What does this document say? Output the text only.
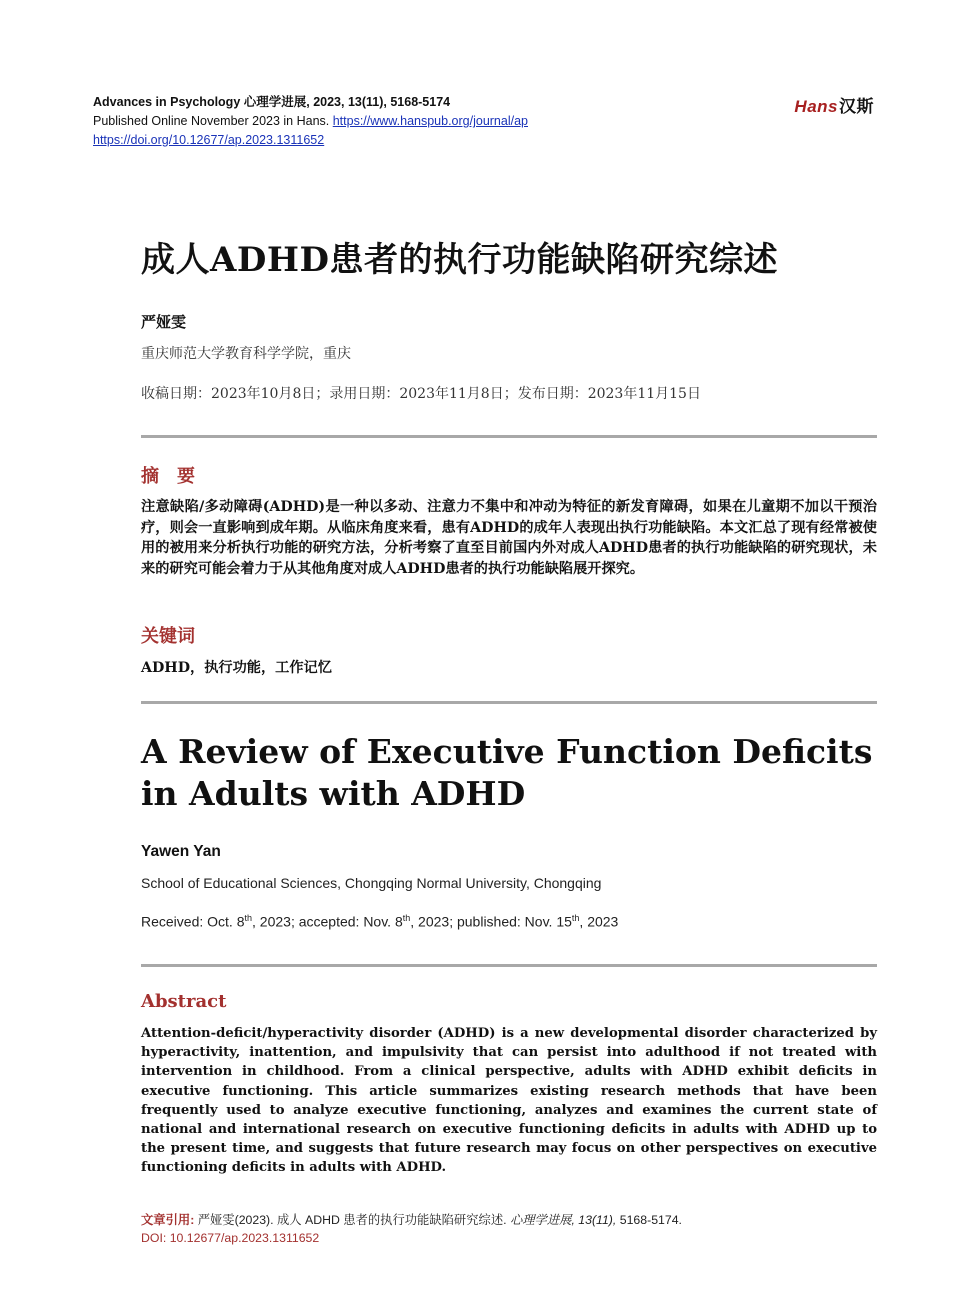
Advances in Psychology 心理学进展, 2023, 13(11), 5168-5174
Published Online November 2023 in Hans. https://www.hanspub.org/journal/ap
https://doi.org/10.12677/ap.2023.1311652
Hans汉斯
成人ADHD患者的执行功能缺陷研究综述
严娅雯
重庆师范大学教育科学学院，重庆
收稿日期：2023年10月8日；录用日期：2023年11月8日；发布日期：2023年11月15日
摘　要
注意缺陷/多动障碍(ADHD)是一种以多动、注意力不集中和冲动为特征的新发育障碍，如果在儿童期不加以干预治疗，则会一直影响到成年期。从临床角度来看，患有ADHD的成年人表现出执行功能缺陷。本文汇总了现有经常被使用的被用来分析执行功能的研究方法，分析考察了直至目前国内外对成人ADHD患者的执行功能缺陷的研究现状，未来的研究可能会着力于从其他角度对成人ADHD患者的执行功能缺陷展开探究。
关键词
ADHD，执行功能，工作记忆
A Review of Executive Function Deficits in Adults with ADHD
Yawen Yan
School of Educational Sciences, Chongqing Normal University, Chongqing
Received: Oct. 8th, 2023; accepted: Nov. 8th, 2023; published: Nov. 15th, 2023
Abstract
Attention-deficit/hyperactivity disorder (ADHD) is a new developmental disorder characterized by hyperactivity, inattention, and impulsivity that can persist into adulthood if not treated with intervention in childhood. From a clinical perspective, adults with ADHD exhibit deficits in executive functioning. This article summarizes existing research methods that have been frequently used to analyze executive functioning, analyzes and examines the current state of national and international research on executive functioning deficits in adults with ADHD up to the present time, and suggests that future research may focus on other perspectives on executive functioning deficits in adults with ADHD.
文章引用: 严娅雯(2023). 成人 ADHD 患者的执行功能缺陷研究综述. 心理学进展, 13(11), 5168-5174.
DOI: 10.12677/ap.2023.1311652
